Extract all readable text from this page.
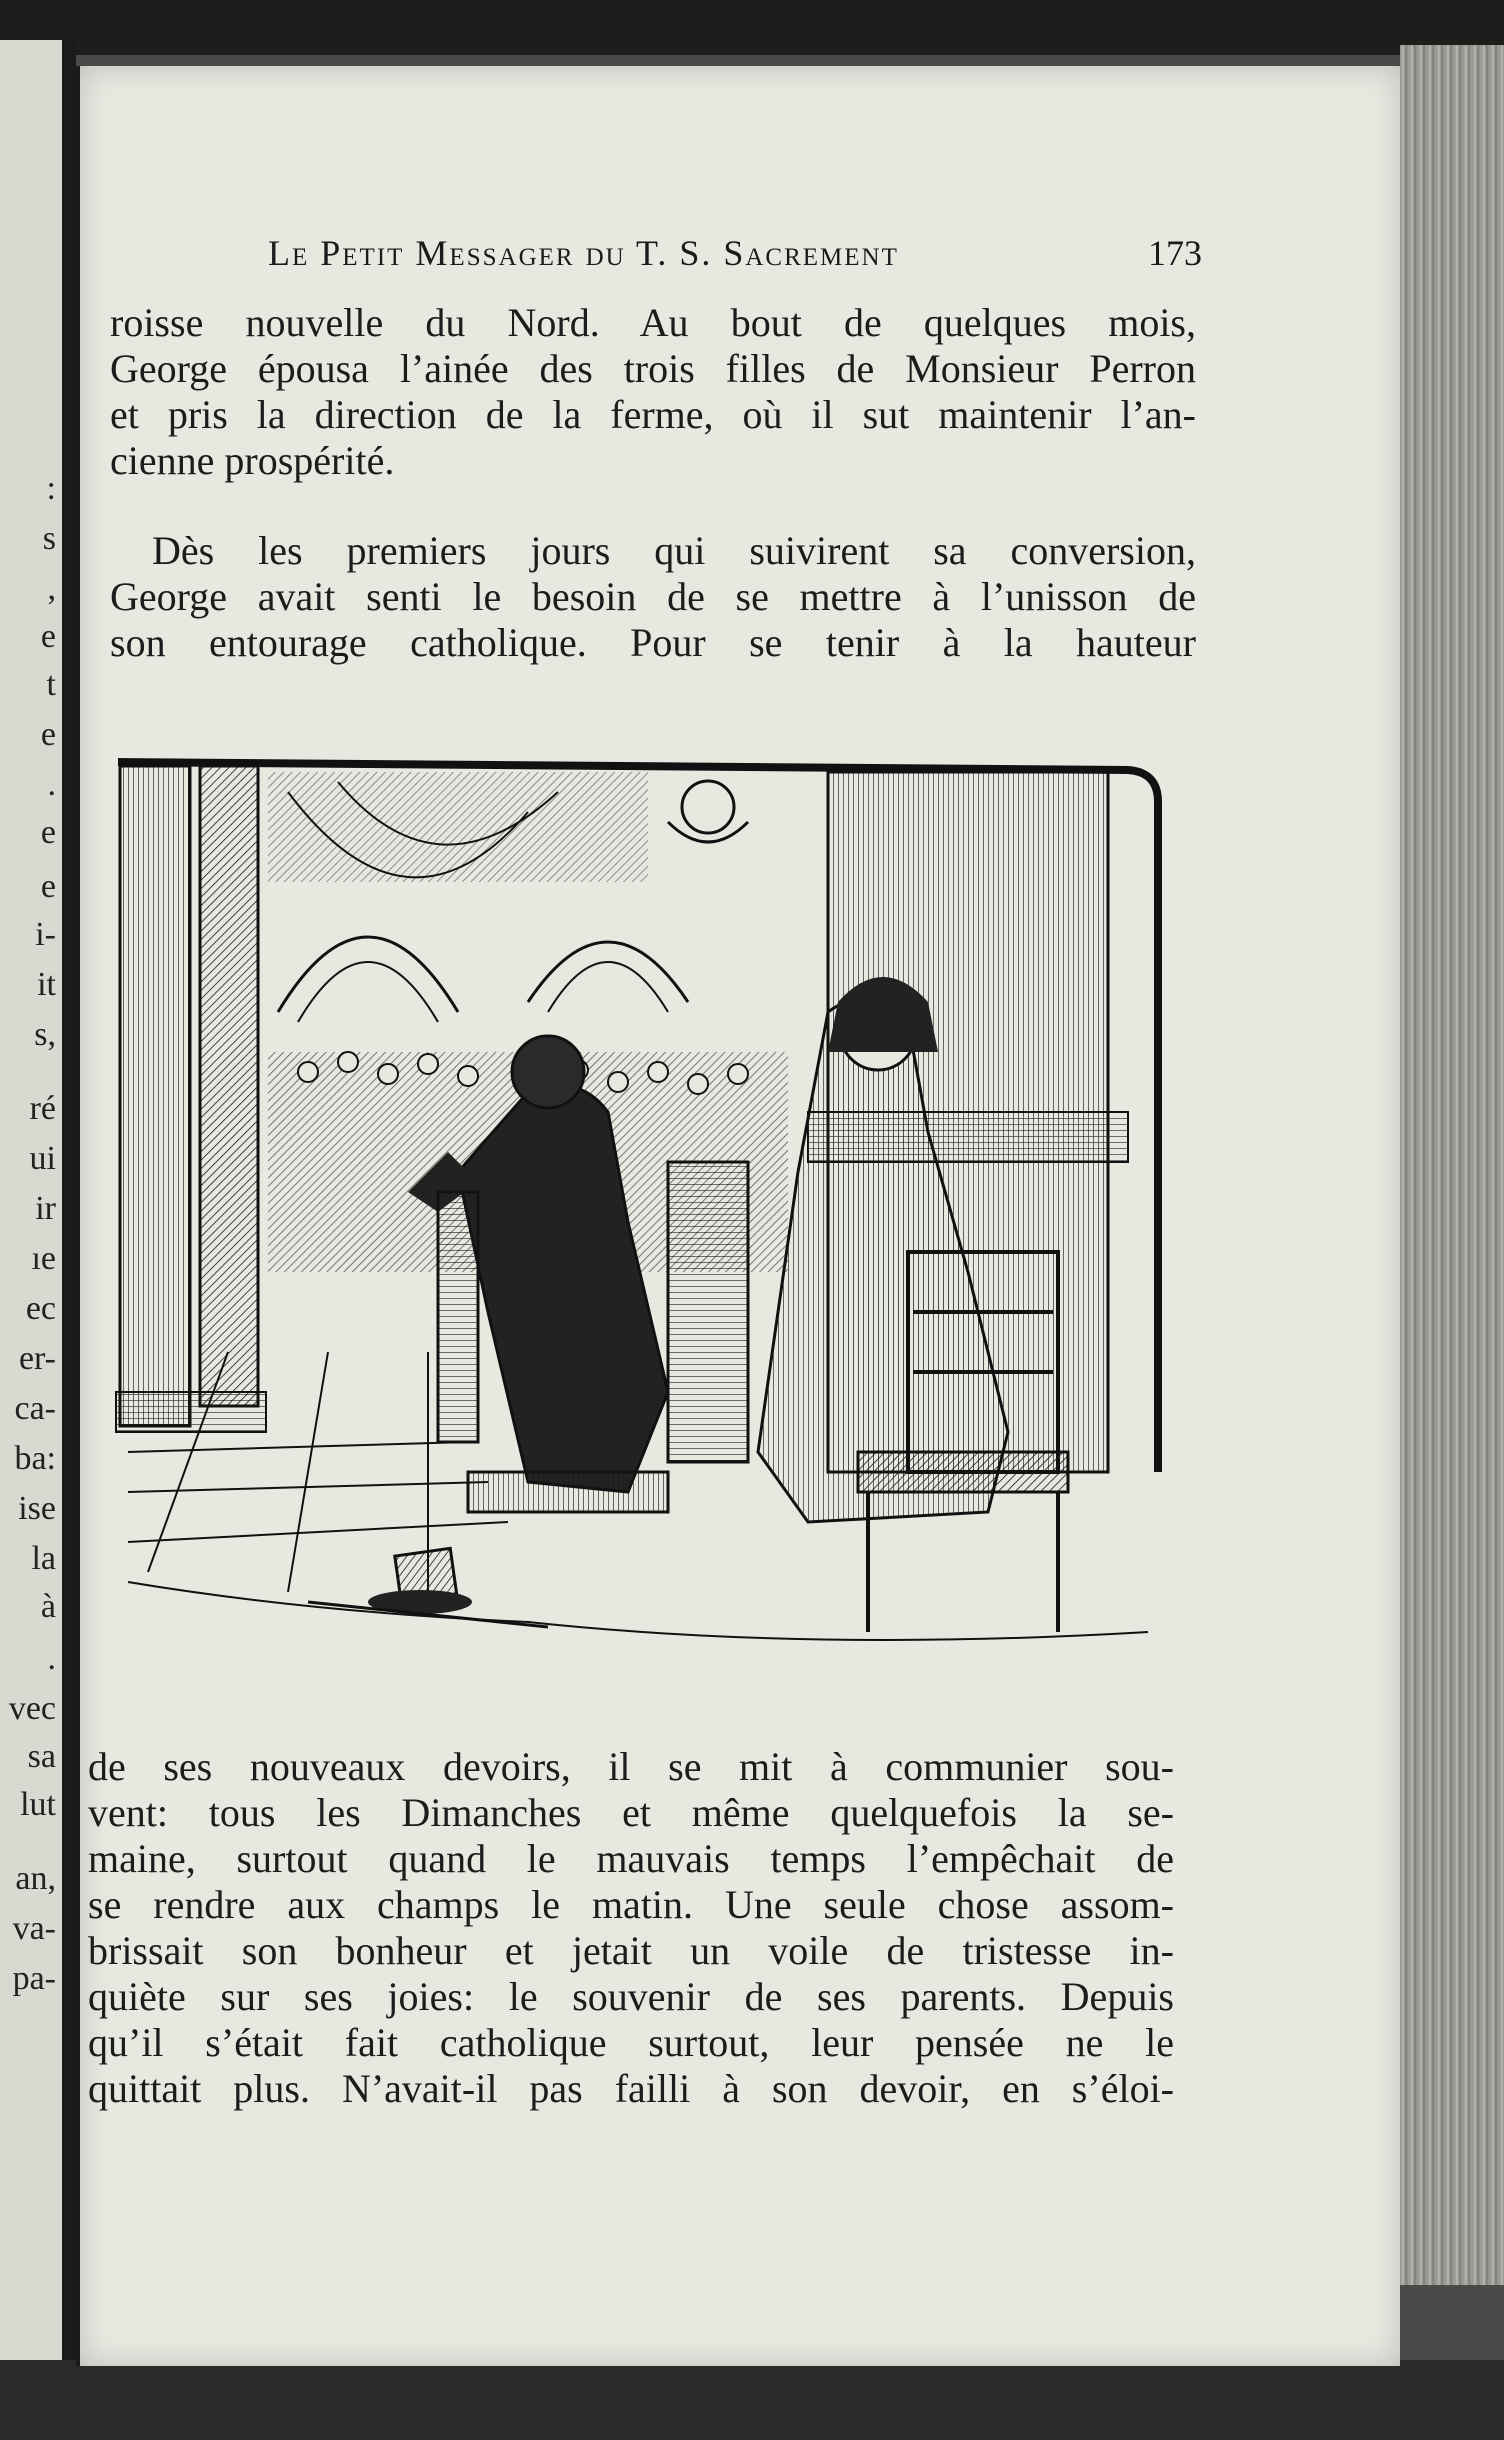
:
s
,
e
t
e
.
e
e
i-
it
s,
ré
ui
ir
ıe
ec
er-
ca-
ba:
ise
la
à
.
vec
sa
lut
an,
va-
pa-
Le Petit Messager du T. S. Sacrement	173
roisse nouvelle du Nord. Au bout de quelques mois,
George épousa l’ainée des trois filles de Monsieur Perron
et pris la direction de la ferme, où il sut maintenir l’an-
cienne prospérité.
Dès les premiers jours qui suivirent sa conversion,
George avait senti le besoin de se mettre à l’unisson de
son entourage catholique. Pour se tenir à la hauteur
de ses nouveaux devoirs, il se mit à communier sou-
vent: tous les Dimanches et même quelquefois la se-
maine, surtout quand le mauvais temps l’empêchait de
se rendre aux champs le matin. Une seule chose assom-
brissait son bonheur et jetait un voile de tristesse in-
quiète sur ses joies: le souvenir de ses parents. Depuis
qu’il s’était fait catholique surtout, leur pensée ne le
quittait plus. N’avait-il pas failli à son devoir, en s’éloi-
